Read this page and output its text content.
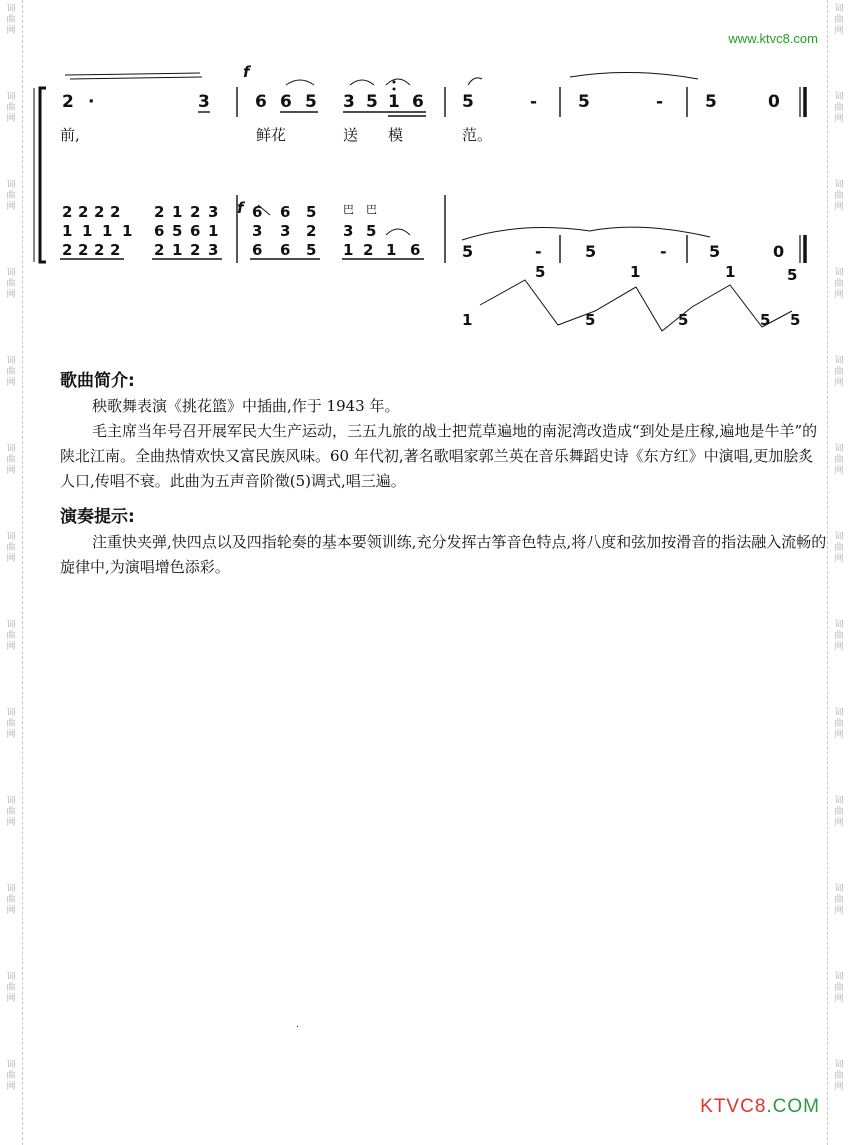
词
曲
网
词
曲
网
词
曲
网
词
曲
网
词
曲
网
词
曲
网
词
曲
网
词
曲
网
词
曲
网
词
曲
网
词
曲
网
词
曲
网
词
曲
网
词
曲
网
词
曲
网
词
曲
网
词
曲
网
词
曲
网
词
曲
网
词
曲
网
词
曲
网
词
曲
网
词
曲
网
词
曲
网
词
曲
网
词
曲
网
www.ktvc8.com
f
f
2 ·	3	6 6 5 3 5 1 6 5	- 5	- 5	0
前,	鲜花	送 模	范。
2 2 2 2 2 1 2 3 6 6 5 巴 巴
1 1 1 1 6 5 6 1 3 3 2 3 5
2 2 2 2 2 1 2 3 6 6 5 1 2 1 6	5	-	5	-	5	0
1
5
5
1
5
1
5
5
5
歌曲简介:

秧歌舞表演《挑花篮》中插曲,作于 1943 年。

毛主席当年号召开展军民大生产运动，三五九旅的战士把荒草遍地的南泥湾改造成“到处是庄稼,遍地是牛羊”的陕北江南。全曲热情欢快又富民族风味。60 年代初,著名歌唱家郭兰英在音乐舞蹈史诗《东方红》中演唱,更加脍炙人口,传唱不衰。此曲为五声音阶徵(5)调式,唱三遍。

演奏提示:

注重快夹弹,快四点以及四指轮奏的基本要领训练,充分发挥古筝音色特点,将八度和弦加按滑音的指法融入流畅的旋律中,为演唱增色添彩。

·
KTVC8.COM
